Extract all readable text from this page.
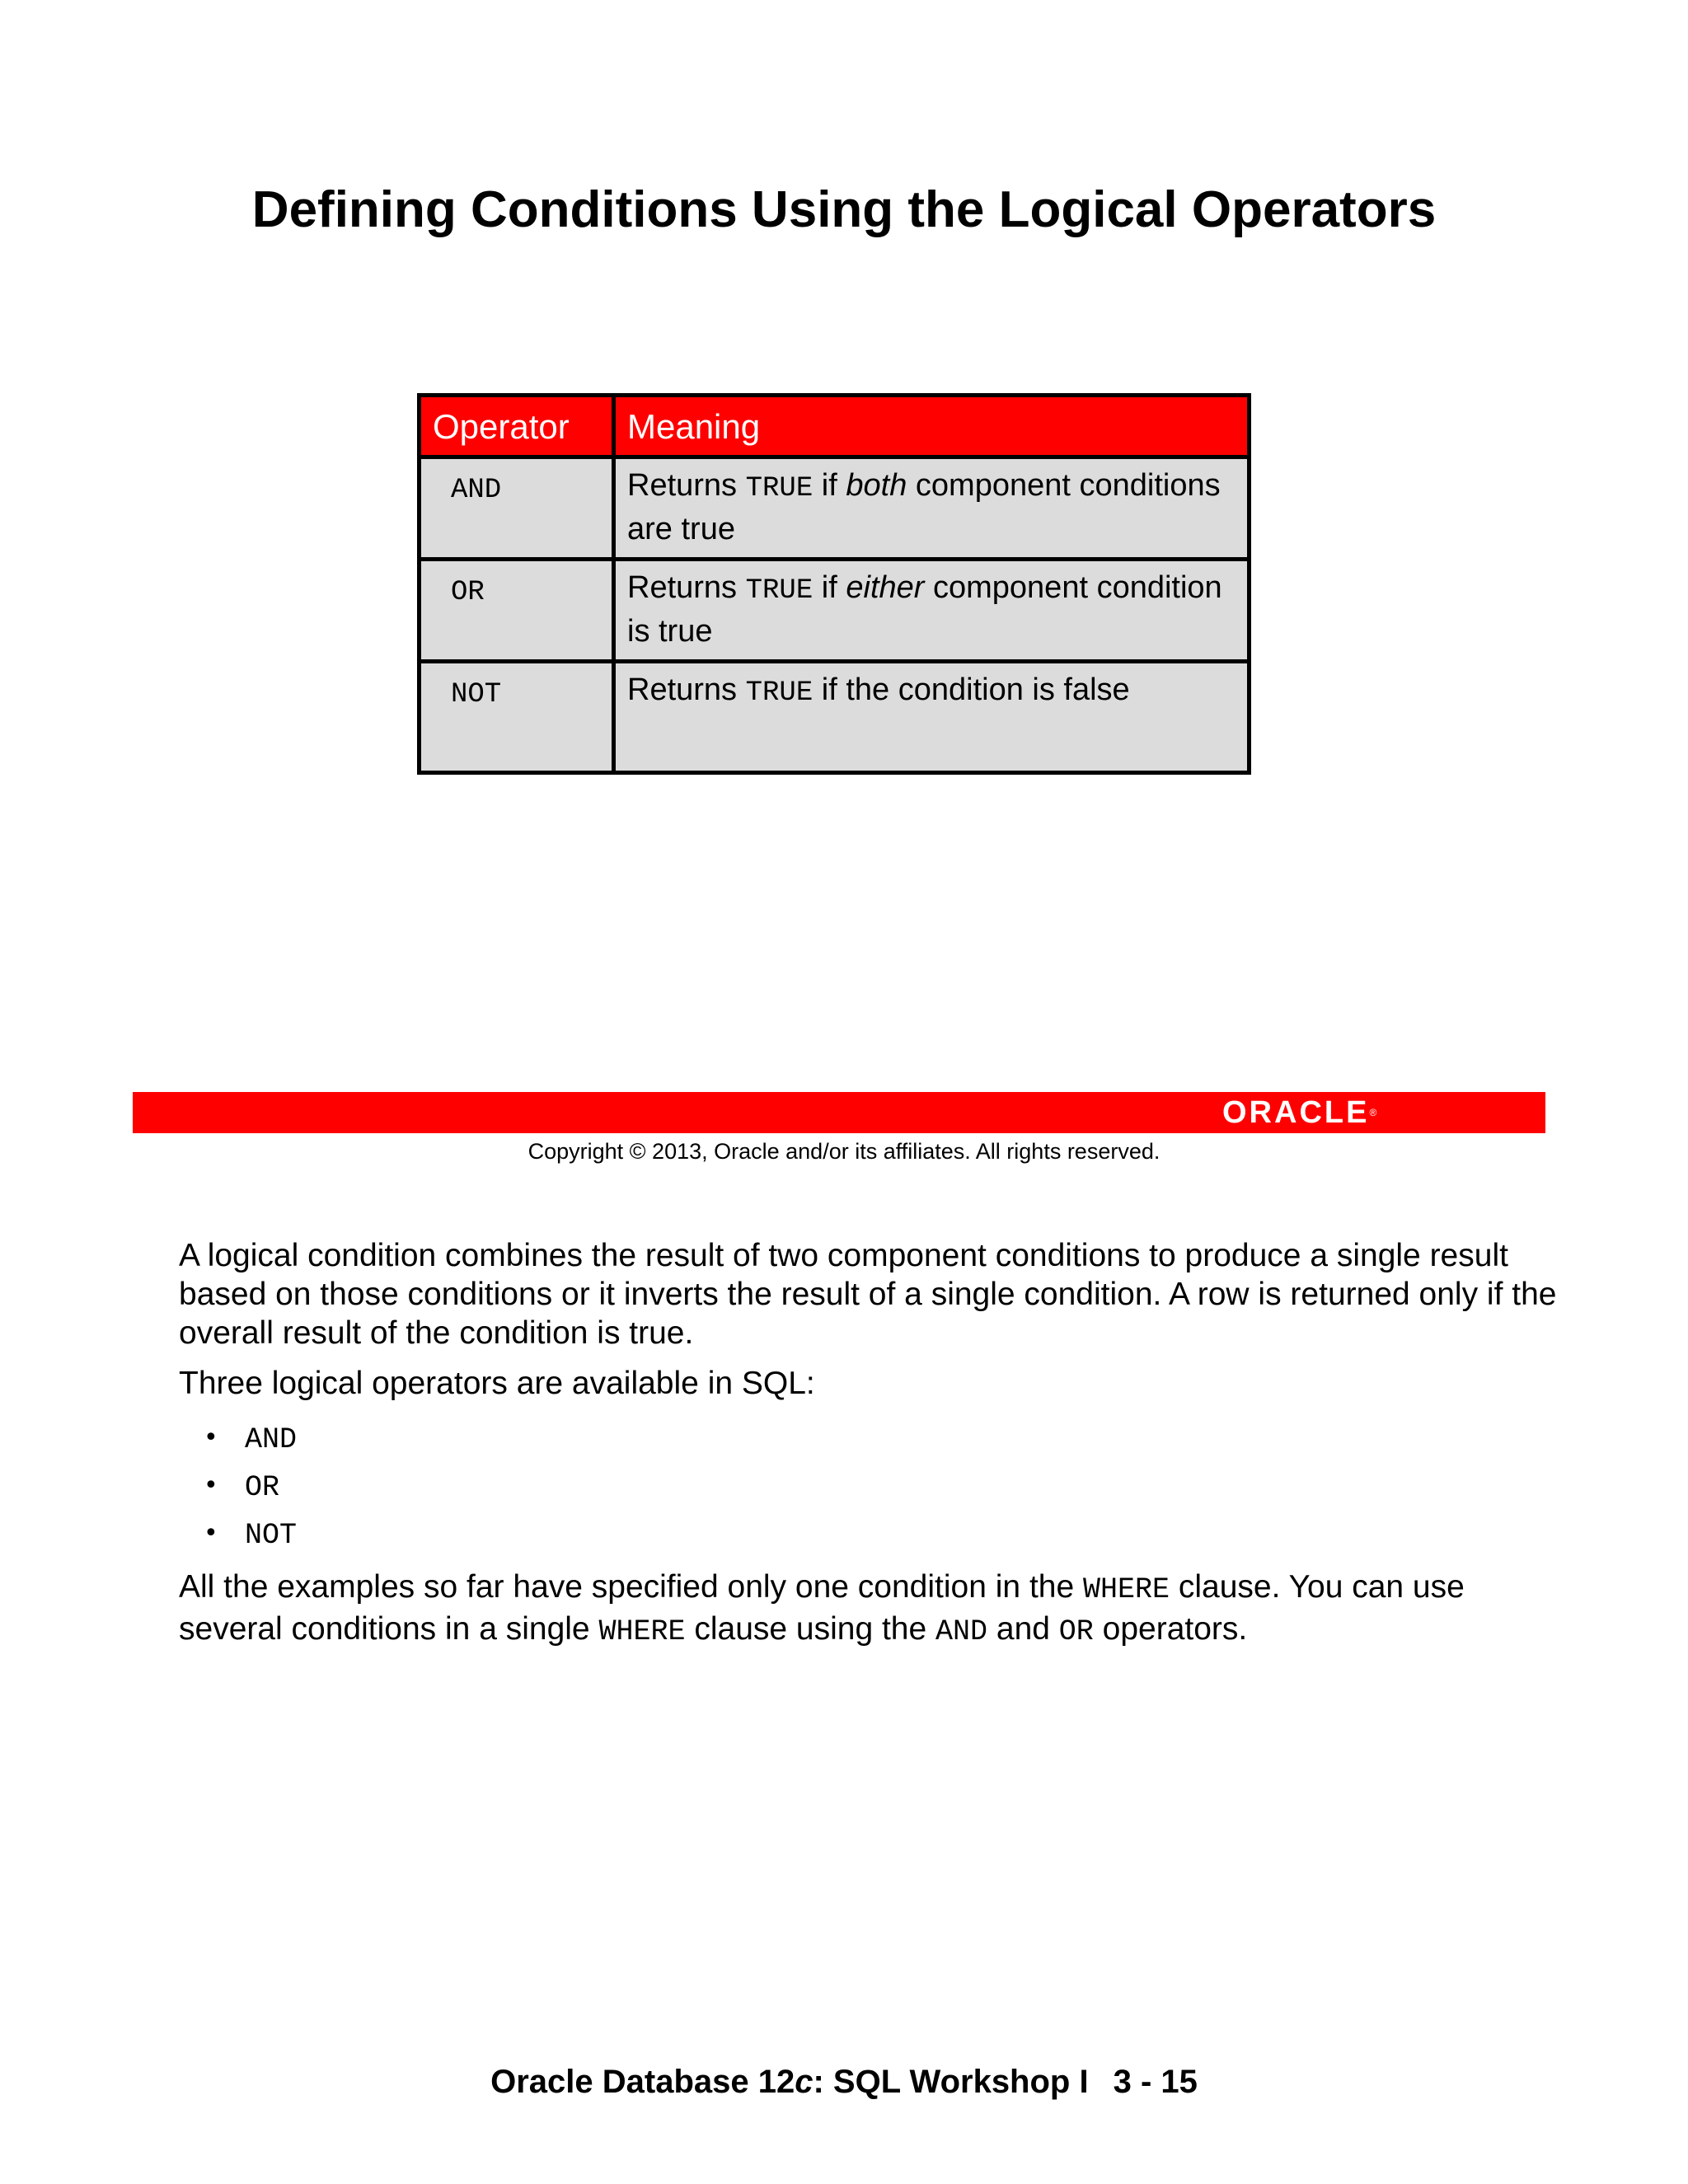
Defining Conditions Using the Logical Operators
Operator	Meaning
AND	Returns TRUE if both component conditions are true
OR	Returns TRUE if either component condition is true
NOT	Returns TRUE if the condition is false
ORACLE®
Copyright © 2013, Oracle and/or its affiliates. All rights reserved.

A logical condition combines the result of two component conditions to produce a single result based on those conditions or it inverts the result of a single condition. A row is returned only if the overall result of the condition is true.

Three logical operators are available in SQL:

• AND
• OR
• NOT

All the examples so far have specified only one condition in the WHERE clause. You can use several conditions in a single WHERE clause using the AND and OR operators.

Oracle Database 12c: SQL Workshop I 3 - 15
